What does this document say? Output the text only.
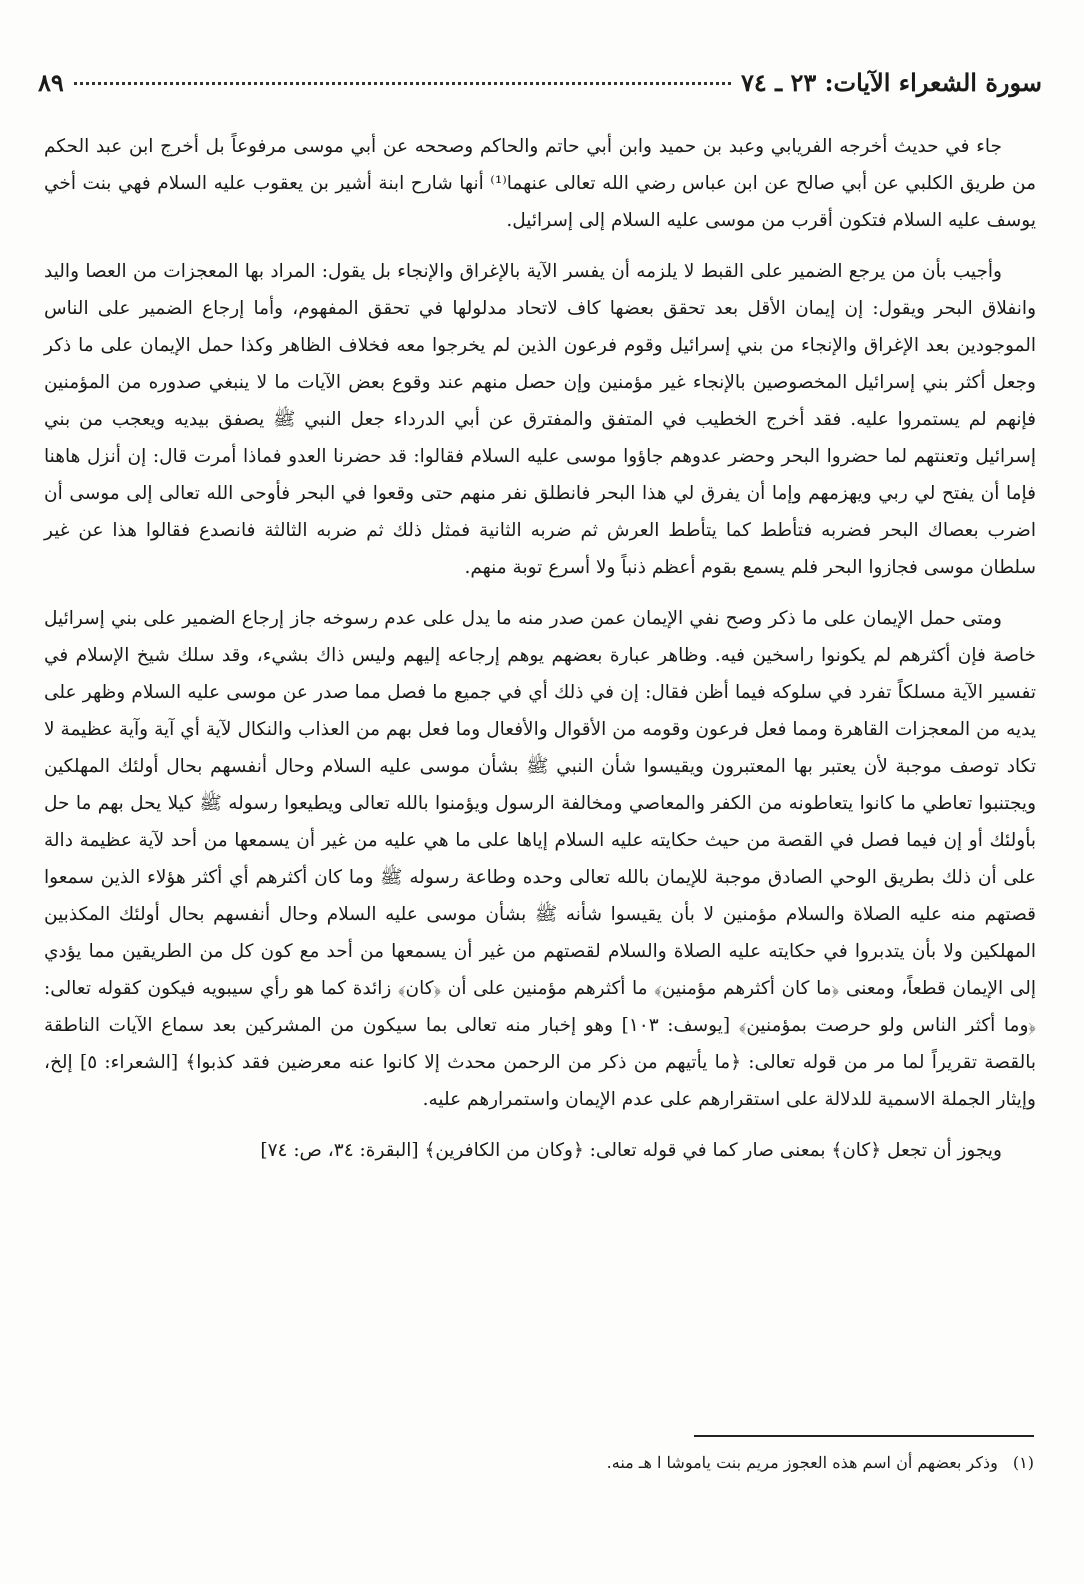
سورة الشعراء الآيات: ٢٣ ـ ٧٤
٨٩

جاء في حديث أخرجه الفريابي وعبد بن حميد وابن أبي حاتم والحاكم وصححه عن أبي موسى مرفوعاً بل أخرج ابن عبد الحكم من طريق الكلبي عن أبي صالح عن ابن عباس رضي الله تعالى عنهما⁽¹⁾ أنها شارح ابنة أشير بن يعقوب عليه السلام فهي بنت أخي يوسف عليه السلام فتكون أقرب من موسى عليه السلام إلى إسرائيل.

وأجيب بأن من يرجع الضمير على القبط لا يلزمه أن يفسر الآية بالإغراق والإنجاء بل يقول: المراد بها المعجزات من العصا واليد وانفلاق البحر ويقول: إن إيمان الأقل بعد تحقق بعضها كاف لاتحاد مدلولها في تحقق المفهوم، وأما إرجاع الضمير على الناس الموجودين بعد الإغراق والإنجاء من بني إسرائيل وقوم فرعون الذين لم يخرجوا معه فخلاف الظاهر وكذا حمل الإيمان على ما ذكر وجعل أكثر بني إسرائيل المخصوصين بالإنجاء غير مؤمنين وإن حصل منهم عند وقوع بعض الآيات ما لا ينبغي صدوره من المؤمنين فإنهم لم يستمروا عليه. فقد أخرج الخطيب في المتفق والمفترق عن أبي الدرداء جعل النبي ﷺ يصفق بيديه ويعجب من بني إسرائيل وتعنتهم لما حضروا البحر وحضر عدوهم جاؤوا موسى عليه السلام فقالوا: قد حضرنا العدو فماذا أمرت قال: إن أنزل هاهنا فإما أن يفتح لي ربي ويهزمهم وإما أن يفرق لي هذا البحر فانطلق نفر منهم حتى وقعوا في البحر فأوحى الله تعالى إلى موسى أن اضرب بعصاك البحر فضربه فتأطط كما يتأطط العرش ثم ضربه الثانية فمثل ذلك ثم ضربه الثالثة فانصدع فقالوا هذا عن غير سلطان موسى فجازوا البحر فلم يسمع بقوم أعظم ذنباً ولا أسرع توبة منهم.

ومتى حمل الإيمان على ما ذكر وصح نفي الإيمان عمن صدر منه ما يدل على عدم رسوخه جاز إرجاع الضمير على بني إسرائيل خاصة فإن أكثرهم لم يكونوا راسخين فيه. وظاهر عبارة بعضهم يوهم إرجاعه إليهم وليس ذاك بشيء، وقد سلك شيخ الإسلام في تفسير الآية مسلكاً تفرد في سلوكه فيما أظن فقال: إن في ذلك أي في جميع ما فصل مما صدر عن موسى عليه السلام وظهر على يديه من المعجزات القاهرة ومما فعل فرعون وقومه من الأقوال والأفعال وما فعل بهم من العذاب والنكال لآية أي آية وآية عظيمة لا تكاد توصف موجبة لأن يعتبر بها المعتبرون ويقيسوا شأن النبي ﷺ بشأن موسى عليه السلام وحال أنفسهم بحال أولئك المهلكين ويجتنبوا تعاطي ما كانوا يتعاطونه من الكفر والمعاصي ومخالفة الرسول ويؤمنوا بالله تعالى ويطيعوا رسوله ﷺ كيلا يحل بهم ما حل بأولئك أو إن فيما فصل في القصة من حيث حكايته عليه السلام إياها على ما هي عليه من غير أن يسمعها من أحد لآية عظيمة دالة على أن ذلك بطريق الوحي الصادق موجبة للإيمان بالله تعالى وحده وطاعة رسوله ﷺ وما كان أكثرهم أي أكثر هؤلاء الذين سمعوا قصتهم منه عليه الصلاة والسلام مؤمنين لا بأن يقيسوا شأنه ﷺ بشأن موسى عليه السلام وحال أنفسهم بحال أولئك المكذبين المهلكين ولا بأن يتدبروا في حكايته عليه الصلاة والسلام لقصتهم من غير أن يسمعها من أحد مع كون كل من الطريقين مما يؤدي إلى الإيمان قطعاً، ومعنى ﴿ما كان أكثرهم مؤمنين﴾ ما أكثرهم مؤمنين على أن ﴿كان﴾ زائدة كما هو رأي سيبويه فيكون كقوله تعالى: ﴿وما أكثر الناس ولو حرصت بمؤمنين﴾ [يوسف: ١٠٣] وهو إخبار منه تعالى بما سيكون من المشركين بعد سماع الآيات الناطقة بالقصة تقريراً لما مر من قوله تعالى: ﴿ما يأتيهم من ذكر من الرحمن محدث إلا كانوا عنه معرضين فقد كذبوا﴾ [الشعراء: ٥] إلخ، وإيثار الجملة الاسمية للدلالة على استقرارهم على عدم الإيمان واستمرارهم عليه.

ويجوز أن تجعل ﴿كان﴾ بمعنى صار كما في قوله تعالى: ﴿وكان من الكافرين﴾ [البقرة: ٣٤، ص: ٧٤]

(١) وذكر بعضهم أن اسم هذه العجوز مريم بنت ياموشا ا هـ منه.
